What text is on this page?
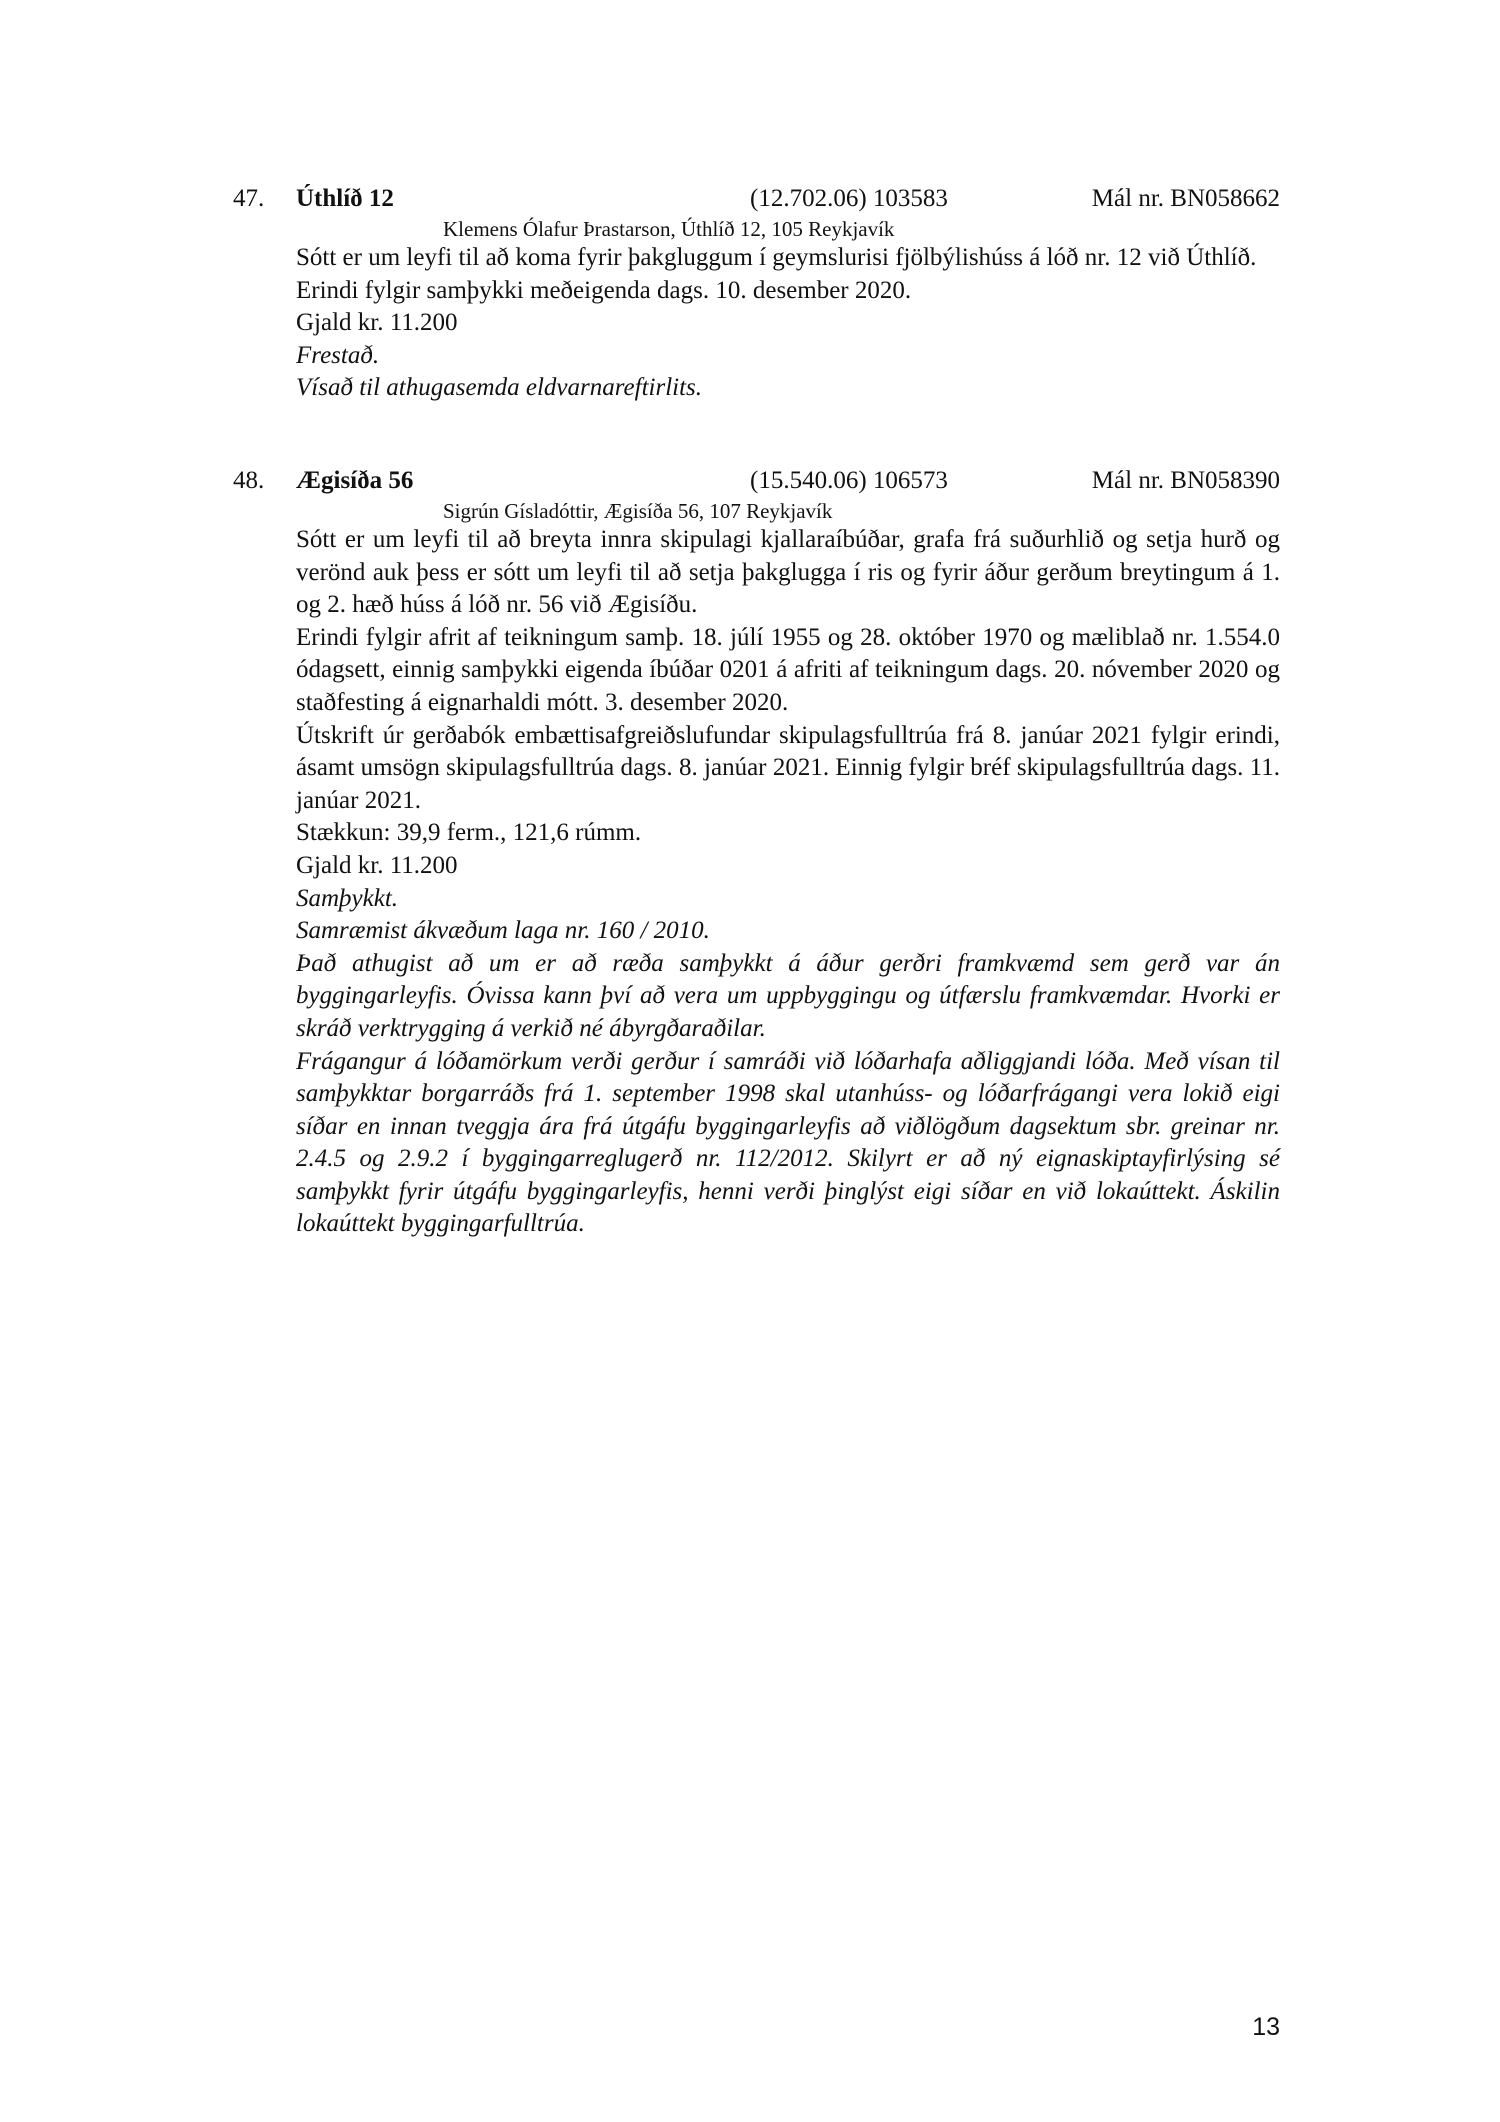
47. Úthlíð 12	(12.702.06) 103583	Mál nr. BN058662
Klemens Ólafur Þrastarson, Úthlíð 12, 105 Reykjavík

Sótt er um leyfi til að koma fyrir þakgluggum í geymslurisi fjölbýlishúss á lóð nr. 12 við Úthlíð.

Erindi fylgir samþykki meðeigenda dags. 10. desember 2020.

Gjald kr. 11.200

Frestað.

Vísað til athugasemda eldvarnareftirlits.

48. Ægisíða 56	(15.540.06) 106573	Mál nr. BN058390
Sigrún Gísladóttir, Ægisíða 56, 107 Reykjavík

Sótt er um leyfi til að breyta innra skipulagi kjallaraíbúðar, grafa frá suðurhlið og setja hurð og verönd auk þess er sótt um leyfi til að setja þakglugga í ris og fyrir áður gerðum breytingum á 1. og 2. hæð húss á lóð nr. 56 við Ægisíðu.

Erindi fylgir afrit af teikningum samþ. 18. júlí 1955 og 28. október 1970 og mæliblað nr. 1.554.0 ódagsett, einnig samþykki eigenda íbúðar 0201 á afriti af teikningum dags. 20. nóvember 2020 og staðfesting á eignarhaldi mótt. 3. desember 2020.

Útskrift úr gerðabók embættisafgreiðslufundar skipulagsfulltrúa frá 8. janúar 2021 fylgir erindi, ásamt umsögn skipulagsfulltrúa dags. 8. janúar 2021. Einnig fylgir bréf skipulagsfulltrúa dags. 11. janúar 2021.

Stækkun: 39,9 ferm., 121,6 rúmm.

Gjald kr. 11.200

Samþykkt.

Samræmist ákvæðum laga nr. 160 / 2010.

Það athugist að um er að ræða samþykkt á áður gerðri framkvæmd sem gerð var án byggingarleyfis. Óvissa kann því að vera um uppbyggingu og útfærslu framkvæmdar. Hvorki er skráð verktrygging á verkið né ábyrgðaraðilar.

Frágangur á lóðamörkum verði gerður í samráði við lóðarhafa aðliggjandi lóða. Með vísan til samþykktar borgarráðs frá 1. september 1998 skal utanhúss- og lóðarfrágangi vera lokið eigi síðar en innan tveggja ára frá útgáfu byggingarleyfis að viðlögðum dagsektum sbr. greinar nr. 2.4.5 og 2.9.2 í byggingarreglugerð nr. 112/2012. Skilyrt er að ný eignaskiptayfirlýsing sé samþykkt fyrir útgáfu byggingarleyfis, henni verði þinglýst eigi síðar en við lokaúttekt. Áskilin lokaúttekt byggingarfulltrúa.

13
